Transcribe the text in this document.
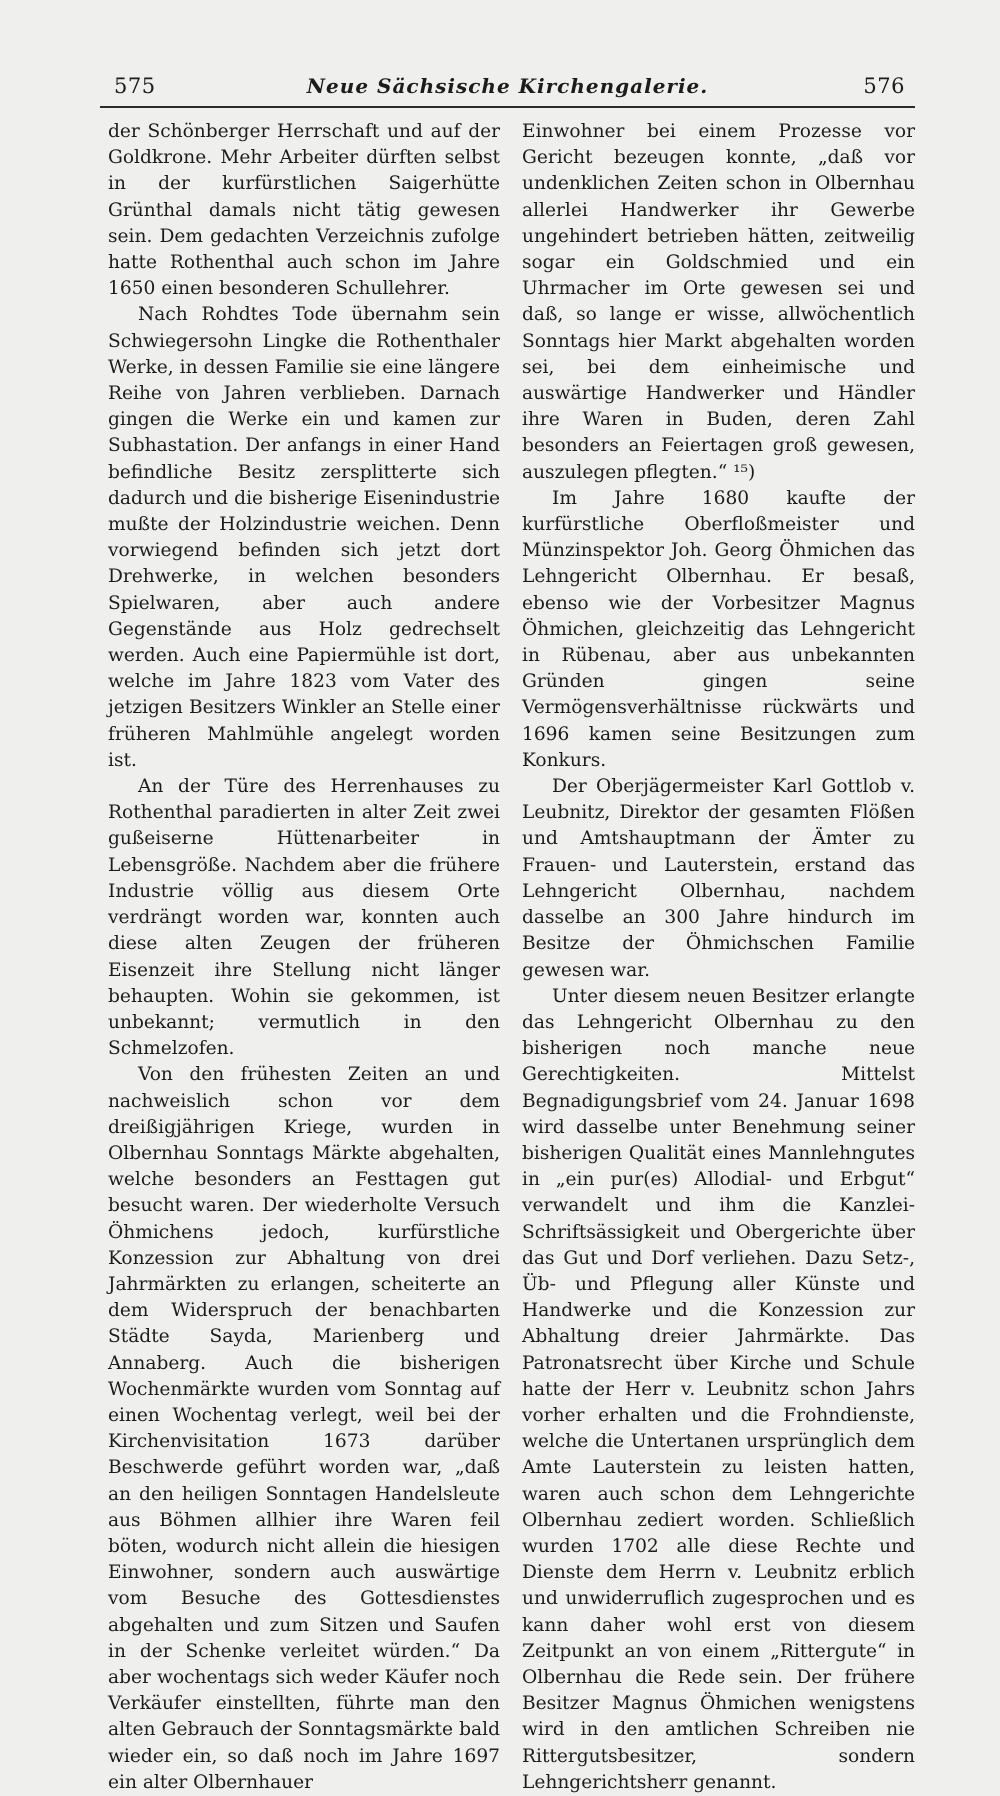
575	Neue Sächsische Kirchengalerie.	576

der Schönberger Herrschaft und auf der Goldkrone. Mehr Arbeiter dürften selbst in der kurfürstlichen Saigerhütte Grünthal damals nicht tätig gewesen sein. Dem gedachten Verzeichnis zufolge hatte Rothenthal auch schon im Jahre 1650 einen besonderen Schullehrer.

Nach Rohdtes Tode übernahm sein Schwiegersohn Lingke die Rothenthaler Werke, in dessen Familie sie eine längere Reihe von Jahren verblieben. Darnach gingen die Werke ein und kamen zur Subhastation. Der anfangs in einer Hand befindliche Besitz zersplitterte sich dadurch und die bisherige Eisenindustrie mußte der Holzindustrie weichen. Denn vorwiegend befinden sich jetzt dort Drehwerke, in welchen besonders Spielwaren, aber auch andere Gegenstände aus Holz gedrechselt werden. Auch eine Papiermühle ist dort, welche im Jahre 1823 vom Vater des jetzigen Besitzers Winkler an Stelle einer früheren Mahlmühle angelegt worden ist.

An der Türe des Herrenhauses zu Rothenthal paradierten in alter Zeit zwei gußeiserne Hüttenarbeiter in Lebensgröße. Nachdem aber die frühere Industrie völlig aus diesem Orte verdrängt worden war, konnten auch diese alten Zeugen der früheren Eisenzeit ihre Stellung nicht länger behaupten. Wohin sie gekommen, ist unbekannt; vermutlich in den Schmelzofen.

Von den frühesten Zeiten an und nachweislich schon vor dem dreißigjährigen Kriege, wurden in Olbernhau Sonntags Märkte abgehalten, welche besonders an Festtagen gut besucht waren. Der wiederholte Versuch Öhmichens jedoch, kurfürstliche Konzession zur Abhaltung von drei Jahrmärkten zu erlangen, scheiterte an dem Widerspruch der benachbarten Städte Sayda, Marienberg und Annaberg. Auch die bisherigen Wochenmärkte wurden vom Sonntag auf einen Wochentag verlegt, weil bei der Kirchenvisitation 1673 darüber Beschwerde geführt worden war, „daß an den heiligen Sonntagen Handelsleute aus Böhmen allhier ihre Waren feil böten, wodurch nicht allein die hiesigen Einwohner, sondern auch auswärtige vom Besuche des Gottesdienstes abgehalten und zum Sitzen und Saufen in der Schenke verleitet würden.“ Da aber wochentags sich weder Käufer noch Verkäufer einstellten, führte man den alten Gebrauch der Sonntagsmärkte bald wieder ein, so daß noch im Jahre 1697 ein alter Olbernhauer

Einwohner bei einem Prozesse vor Gericht bezeugen konnte, „daß vor undenklichen Zeiten schon in Olbernhau allerlei Handwerker ihr Gewerbe ungehindert betrieben hätten, zeitweilig sogar ein Goldschmied und ein Uhrmacher im Orte gewesen sei und daß, so lange er wisse, allwöchentlich Sonntags hier Markt abgehalten worden sei, bei dem einheimische und auswärtige Handwerker und Händler ihre Waren in Buden, deren Zahl besonders an Feiertagen groß gewesen, auszulegen pflegten.“ ¹⁵)

Im Jahre 1680 kaufte der kurfürstliche Oberfloßmeister und Münzinspektor Joh. Georg Öhmichen das Lehngericht Olbernhau. Er besaß, ebenso wie der Vorbesitzer Magnus Öhmichen, gleichzeitig das Lehngericht in Rübenau, aber aus unbekannten Gründen gingen seine Vermögensverhältnisse rückwärts und 1696 kamen seine Besitzungen zum Konkurs.

Der Oberjägermeister Karl Gottlob v. Leubnitz, Direktor der gesamten Flößen und Amtshauptmann der Ämter zu Frauen- und Lauterstein, erstand das Lehngericht Olbernhau, nachdem dasselbe an 300 Jahre hindurch im Besitze der Öhmichschen Familie gewesen war.

Unter diesem neuen Besitzer erlangte das Lehngericht Olbernhau zu den bisherigen noch manche neue Gerechtigkeiten. Mittelst Begnadigungsbrief vom 24. Januar 1698 wird dasselbe unter Benehmung seiner bisherigen Qualität eines Mannlehngutes in „ein pur(es) Allodial- und Erbgut“ verwandelt und ihm die Kanzlei-Schriftsässigkeit und Obergerichte über das Gut und Dorf verliehen. Dazu Setz-, Üb- und Pflegung aller Künste und Handwerke und die Konzession zur Abhaltung dreier Jahrmärkte. Das Patronatsrecht über Kirche und Schule hatte der Herr v. Leubnitz schon Jahrs vorher erhalten und die Frohndienste, welche die Untertanen ursprünglich dem Amte Lauterstein zu leisten hatten, waren auch schon dem Lehngerichte Olbernhau zediert worden. Schließlich wurden 1702 alle diese Rechte und Dienste dem Herrn v. Leubnitz erblich und unwiderruflich zugesprochen und es kann daher wohl erst von diesem Zeitpunkt an von einem „Rittergute“ in Olbernhau die Rede sein. Der frühere Besitzer Magnus Öhmichen wenigstens wird in den amtlichen Schreiben nie Rittergutsbesitzer, sondern Lehngerichtsherr genannt.
